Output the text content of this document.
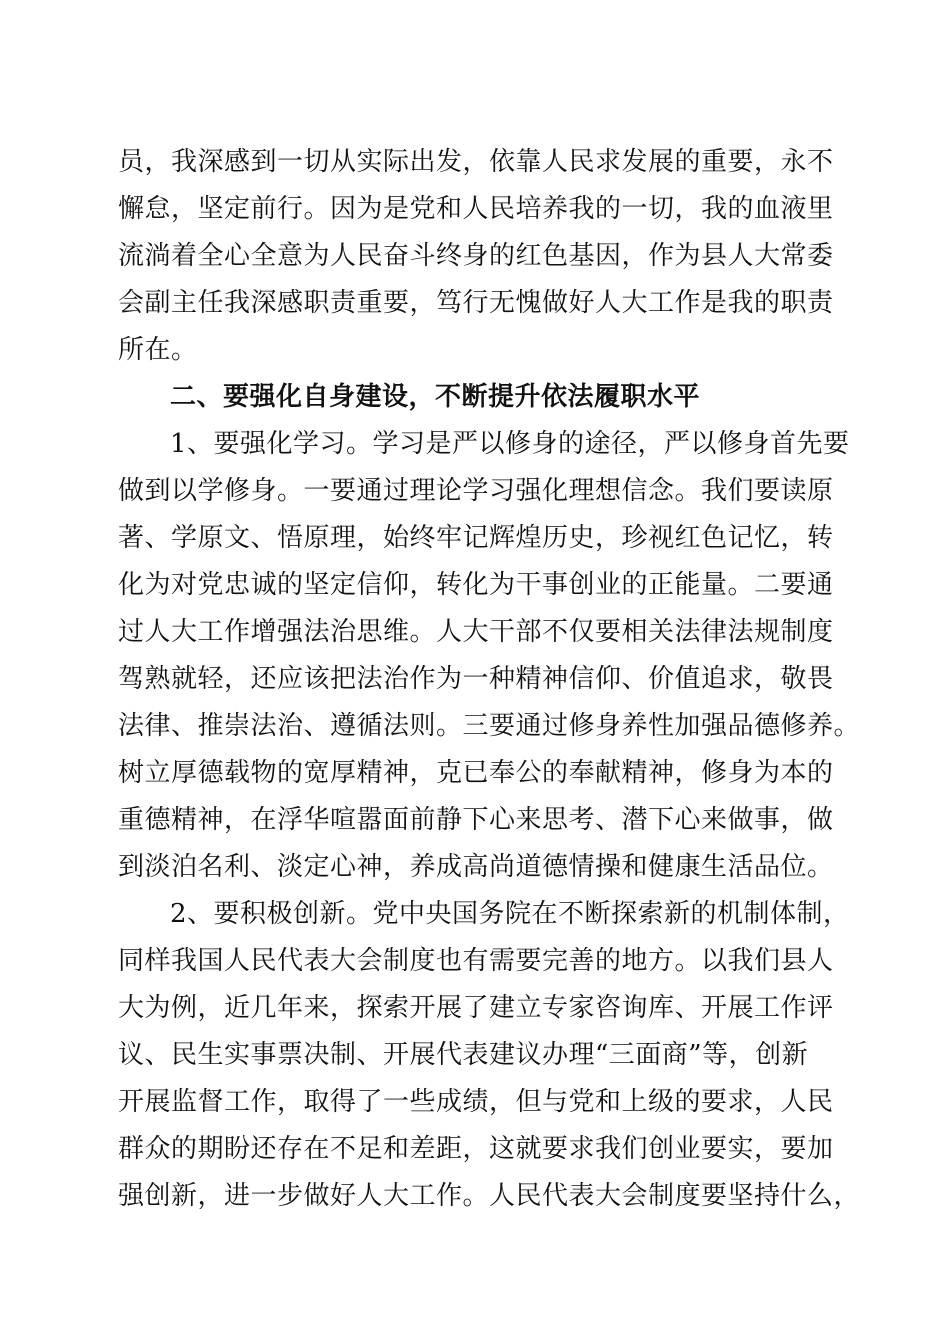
员，我深感到一切从实际出发，依靠人民求发展的重要，永不
懈怠，坚定前行。因为是党和人民培养我的一切，我的血液里
流淌着全心全意为人民奋斗终身的红色基因，作为县人大常委
会副主任我深感职责重要，笃行无愧做好人大工作是我的职责
所在。
二、要强化自身建设，不断提升依法履职水平
1、要强化学习。学习是严以修身的途径，严以修身首先要
做到以学修身。一要通过理论学习强化理想信念。我们要读原
著、学原文、悟原理，始终牢记辉煌历史，珍视红色记忆，转
化为对党忠诚的坚定信仰，转化为干事创业的正能量。二要通
过人大工作增强法治思维。人大干部不仅要相关法律法规制度
驾熟就轻，还应该把法治作为一种精神信仰、价值追求，敬畏
法律、推崇法治、遵循法则。三要通过修身养性加强品德修养。
树立厚德载物的宽厚精神，克已奉公的奉献精神，修身为本的
重德精神，在浮华喧嚣面前静下心来思考、潜下心来做事，做
到淡泊名利、淡定心神，养成高尚道德情操和健康生活品位。
2、要积极创新。党中央国务院在不断探索新的机制体制，
同样我国人民代表大会制度也有需要完善的地方。以我们县人
大为例，近几年来，探索开展了建立专家咨询库、开展工作评
议、民生实事票决制、开展代表建议办理“三面商”等，创新
开展监督工作，取得了一些成绩，但与党和上级的要求，人民
群众的期盼还存在不足和差距，这就要求我们创业要实，要加
强创新，进一步做好人大工作。人民代表大会制度要坚持什么，
